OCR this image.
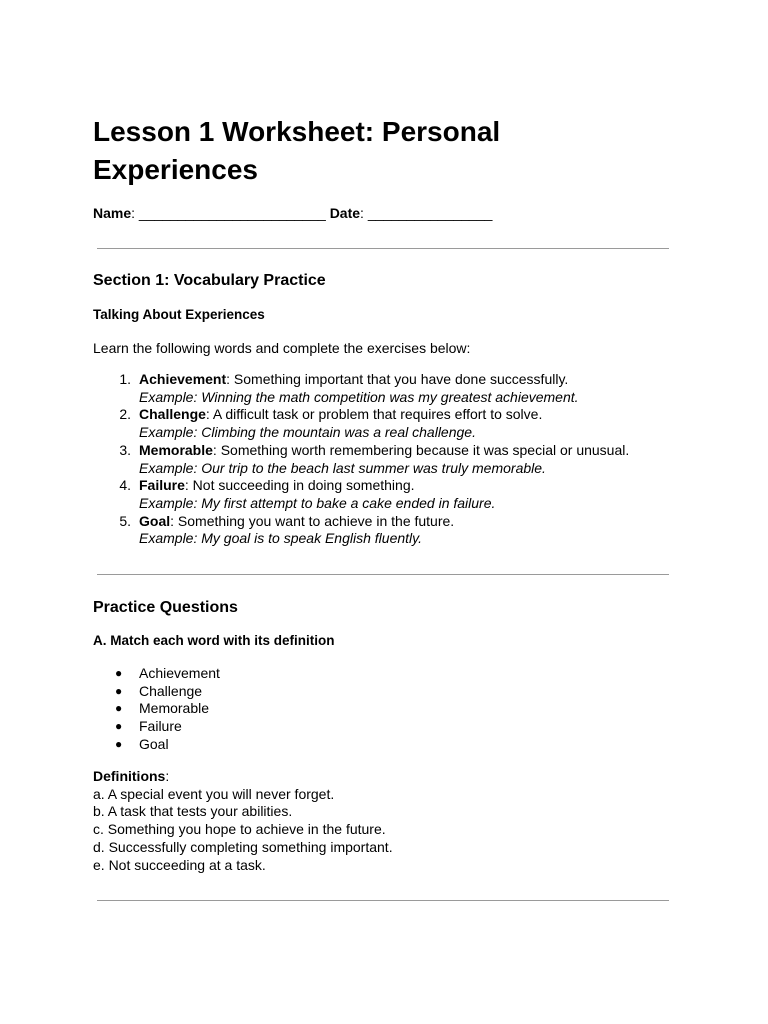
Lesson 1 Worksheet: Personal Experiences
Name: ________________________ Date: ________________
Section 1: Vocabulary Practice
Talking About Experiences
Learn the following words and complete the exercises below:
1. Achievement: Something important that you have done successfully.
Example: Winning the math competition was my greatest achievement.
2. Challenge: A difficult task or problem that requires effort to solve.
Example: Climbing the mountain was a real challenge.
3. Memorable: Something worth remembering because it was special or unusual.
Example: Our trip to the beach last summer was truly memorable.
4. Failure: Not succeeding in doing something.
Example: My first attempt to bake a cake ended in failure.
5. Goal: Something you want to achieve in the future.
Example: My goal is to speak English fluently.
Practice Questions
A. Match each word with its definition
● Achievement
● Challenge
● Memorable
● Failure
● Goal
Definitions:
a. A special event you will never forget.
b. A task that tests your abilities.
c. Something you hope to achieve in the future.
d. Successfully completing something important.
e. Not succeeding at a task.
